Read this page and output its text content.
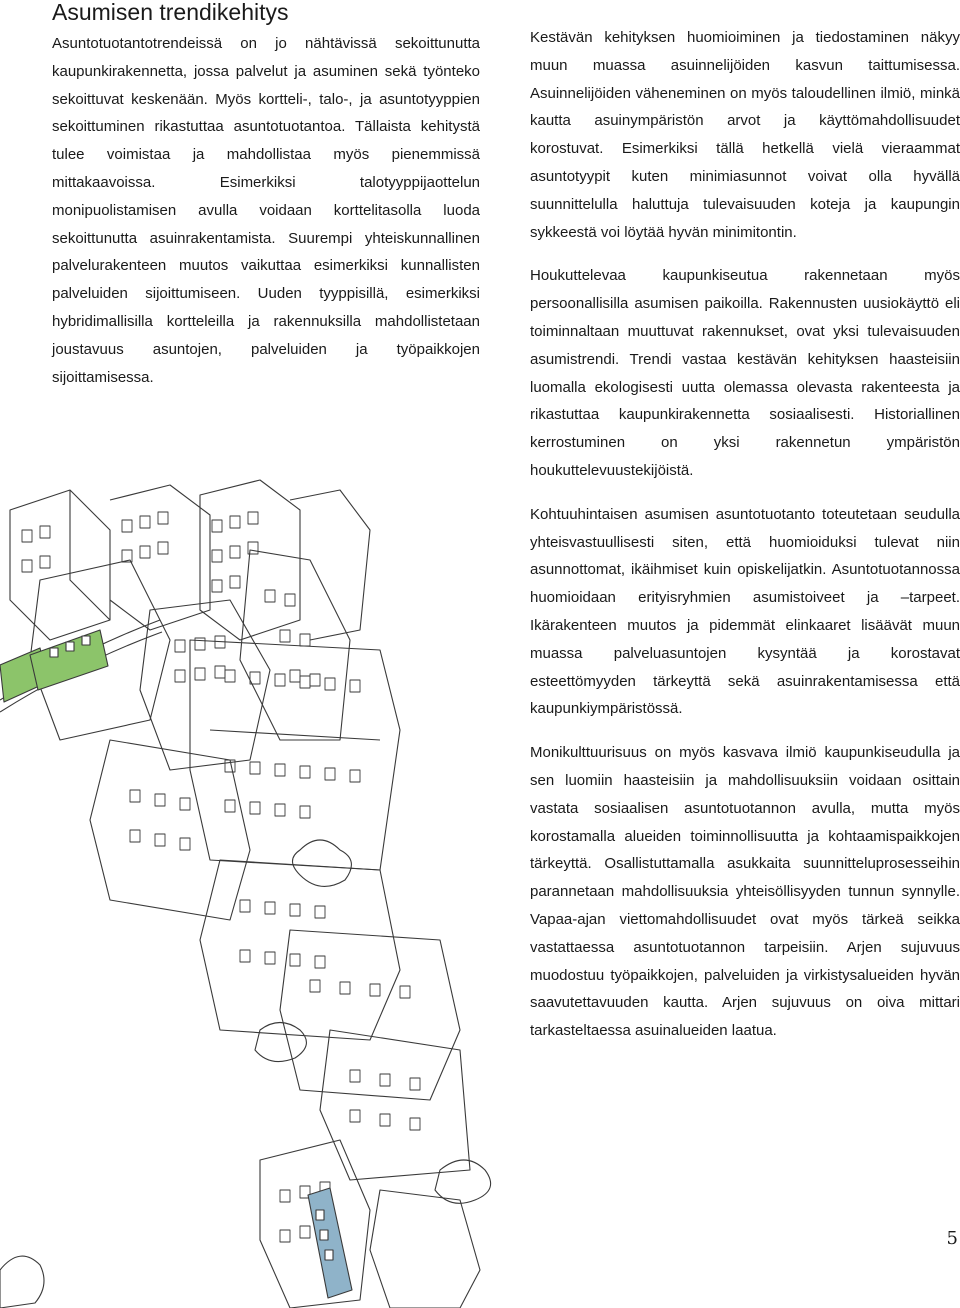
Asumisen trendikehitys

Asuntotuotantotrendeissä on jo nähtävissä sekoittunutta kaupunkirakennetta, jossa palvelut ja asuminen sekä työnteko sekoittuvat keskenään. Myös kortteli-, talo-, ja asuntotyyppien sekoittuminen rikastuttaa asuntotuotantoa. Tällaista kehitystä tulee voimistaa ja mahdollistaa myös pienemmissä mittakaavoissa. Esimerkiksi talotyyppijaottelun monipuolistamisen avulla voidaan korttelitasolla luoda sekoittunutta asuinrakentamista. Suurempi yhteiskunnallinen palvelurakenteen muutos vaikuttaa esimerkiksi kunnallisten palveluiden sijoittumiseen. Uuden tyyppisillä, esimerkiksi hybridimallisilla kortteleilla ja rakennuksilla mahdollistetaan joustavuus asuntojen, palveluiden ja työpaikkojen sijoittamisessa.

Kestävän kehityksen huomioiminen ja tiedostaminen näkyy muun muassa asuinnelijöiden kasvun taittumisessa. Asuinnelijöiden väheneminen on myös taloudellinen ilmiö, minkä kautta asuinympäristön arvot ja käyttömahdollisuudet korostuvat. Esimerkiksi tällä hetkellä vielä vieraammat asuntotyypit kuten minimiasunnot voivat olla hyvällä suunnittelulla haluttuja tulevaisuuden koteja ja kaupungin sykkeestä voi löytää hyvän minimitontin.

Houkuttelevaa kaupunkiseutua rakennetaan myös persoonallisilla asumisen paikoilla. Rakennusten uusiokäyttö eli toiminnaltaan muuttuvat rakennukset, ovat yksi tulevaisuuden asumistrendi. Trendi vastaa kestävän kehityksen haasteisiin luomalla ekologisesti uutta olemassa olevasta rakenteesta ja rikastuttaa kaupunkirakennetta sosiaalisesti. Historiallinen kerrostuminen on yksi rakennetun ympäristön houkuttelevuustekijöistä.

Kohtuuhintaisen asumisen asuntotuotanto toteutetaan seudulla yhteisvastuullisesti siten, että huomioiduksi tulevat niin asunnottomat, ikäihmiset kuin opiskelijatkin. Asuntotuotannossa huomioidaan erityisryhmien asumistoiveet ja –tarpeet. Ikärakenteen muutos ja pidemmät elinkaaret lisäävät muun muassa palveluasuntojen kysyntää ja korostavat esteettömyyden tärkeyttä sekä asuinrakentamisessa että kaupunkiympäristössä.

Monikulttuurisuus on myös kasvava ilmiö kaupunkiseudulla ja sen luomiin haasteisiin ja mahdollisuuksiin voidaan osittain vastata sosiaalisen asuntotuotannon avulla, mutta myös korostamalla alueiden toiminnollisuutta ja kohtaamispaikkojen tärkeyttä. Osallistuttamalla asukkaita suunnitteluprosesseihin parannetaan mahdollisuuksia yhteisöllisyyden tunnun synnylle. Vapaa-ajan viettomahdollisuudet ovat myös tärkeä seikka vastattaessa asuntotuotannon tarpeisiin. Arjen sujuvuus muodostuu työpaikkojen, palveluiden ja virkistysalueiden hyvän saavutettavuuden kautta. Arjen sujuvuus on oiva mittari tarkasteltaessa asuinalueiden laatua.

5
